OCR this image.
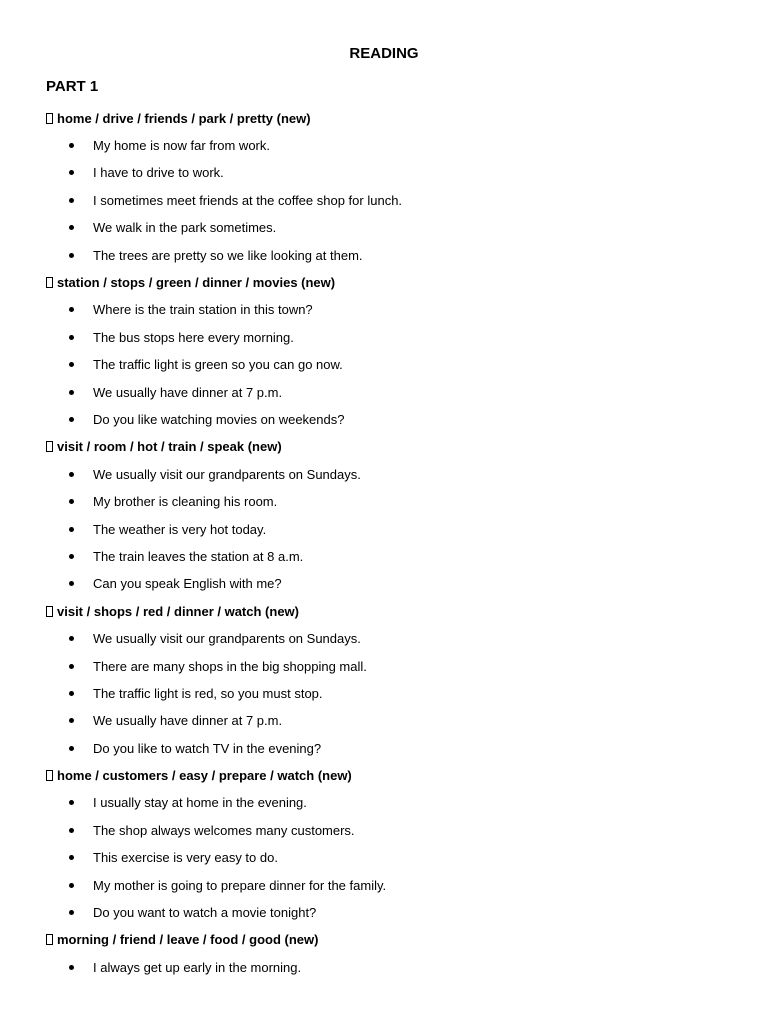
READING
PART 1
home / drive / friends / park / pretty (new)
My home is now far from work.
I have to drive to work.
I sometimes meet friends at the coffee shop for lunch.
We walk in the park sometimes.
The trees are pretty so we like looking at them.
station / stops / green / dinner / movies (new)
Where is the train station in this town?
The bus stops here every morning.
The traffic light is green so you can go now.
We usually have dinner at 7 p.m.
Do you like watching movies on weekends?
visit / room / hot / train / speak (new)
We usually visit our grandparents on Sundays.
My brother is cleaning his room.
The weather is very hot today.
The train leaves the station at 8 a.m.
Can you speak English with me?
visit / shops / red / dinner / watch (new)
We usually visit our grandparents on Sundays.
There are many shops in the big shopping mall.
The traffic light is red, so you must stop.
We usually have dinner at 7 p.m.
Do you like to watch TV in the evening?
home / customers / easy / prepare / watch (new)
I usually stay at home in the evening.
The shop always welcomes many customers.
This exercise is very easy to do.
My mother is going to prepare dinner for the family.
Do you want to watch a movie tonight?
morning / friend / leave / food / good (new)
I always get up early in the morning.
